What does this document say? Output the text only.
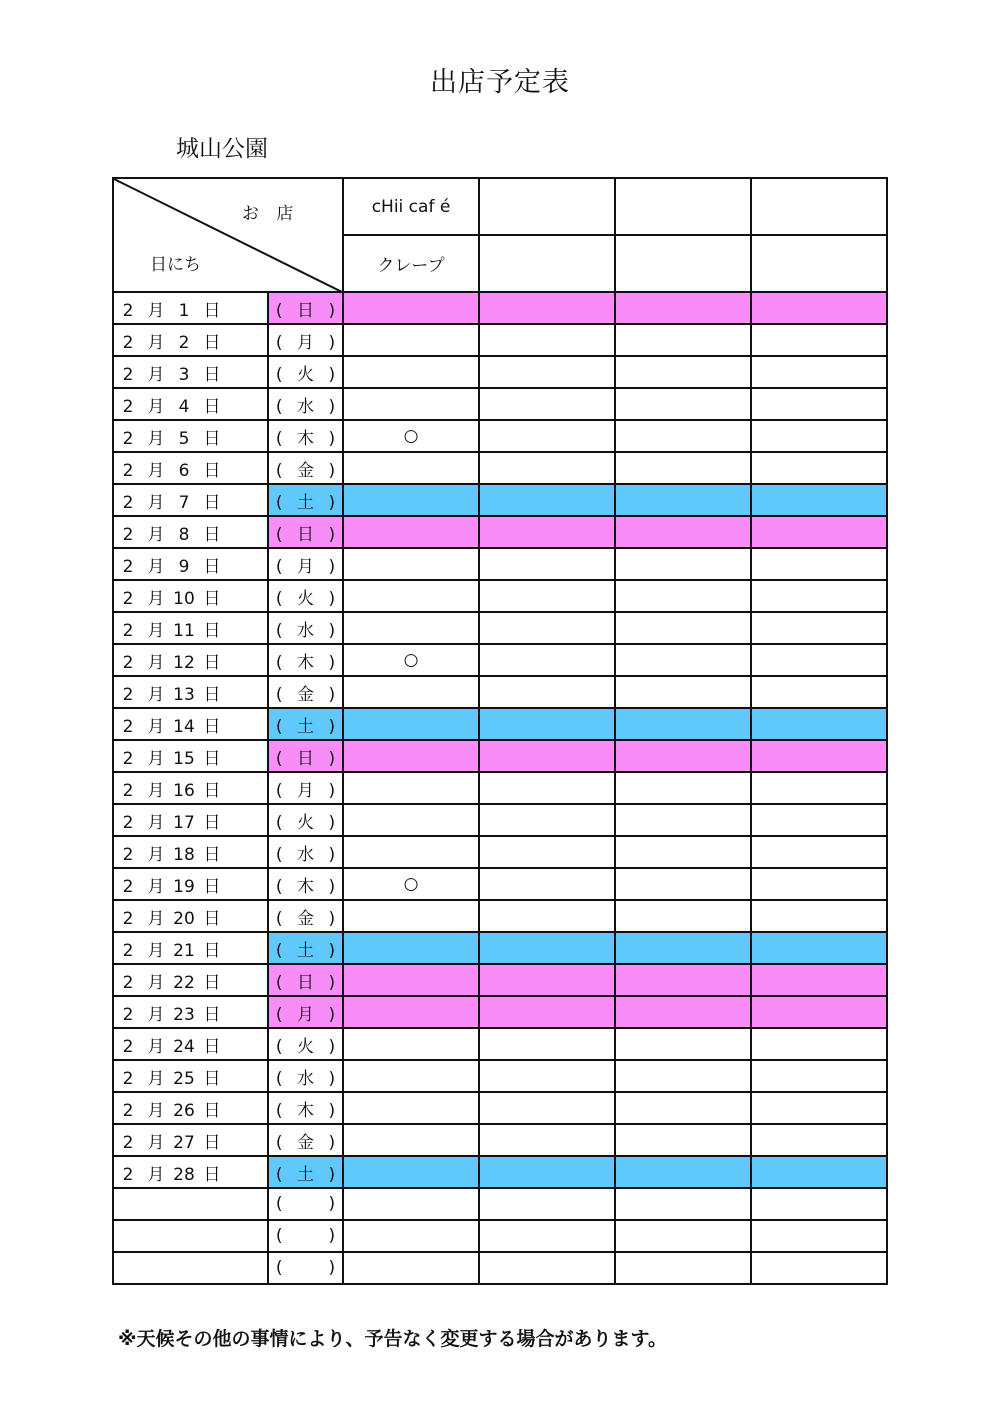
出店予定表
城山公園
お 店
日にち		cHii caf é			
		クレープ			
2 月 1 日	( 日 )				
2 月 2 日	( 月 )				
2 月 3 日	( 火 )				
2 月 4 日	( 水 )				
2 月 5 日	( 木 )	○			
2 月 6 日	( 金 )				
2 月 7 日	( 土 )				
2 月 8 日	( 日 )				
2 月 9 日	( 月 )				
2 月 10 日	( 火 )				
2 月 11 日	( 水 )				
2 月 12 日	( 木 )	○			
2 月 13 日	( 金 )				
2 月 14 日	( 土 )				
2 月 15 日	( 日 )				
2 月 16 日	( 月 )				
2 月 17 日	( 火 )				
2 月 18 日	( 水 )				
2 月 19 日	( 木 )	○			
2 月 20 日	( 金 )				
2 月 21 日	( 土 )				
2 月 22 日	( 日 )				
2 月 23 日	( 月 )				
2 月 24 日	( 火 )				
2 月 25 日	( 水 )				
2 月 26 日	( 木 )				
2 月 27 日	( 金 )				
2 月 28 日	( 土 )				
	( )				
	( )				
	( )				
※天候その他の事情により、予告なく変更する場合があります。
